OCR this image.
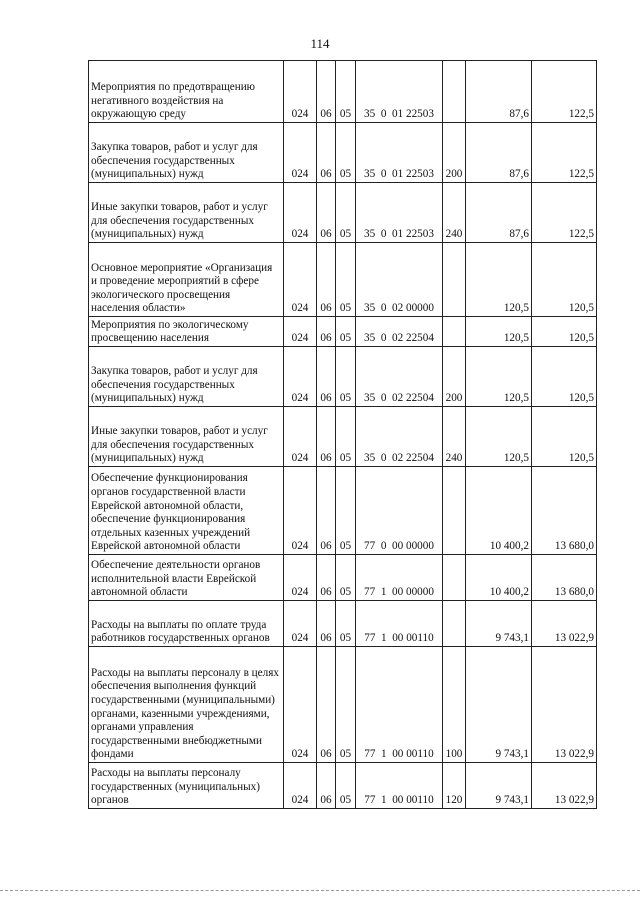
114
Мероприятия по предотвращению негативного воздействия на окружающую среду	024	06	05	35 0 01 22503		87,6	122,5
Закупка товаров, работ и услуг для обеспечения государственных (муниципальных) нужд	024	06	05	35 0 01 22503	200	87,6	122,5
Иные закупки товаров, работ и услуг для обеспечения государственных (муниципальных) нужд	024	06	05	35 0 01 22503	240	87,6	122,5
Основное мероприятие «Организация и проведение мероприятий в сфере экологического просвещения населения области»	024	06	05	35 0 02 00000		120,5	120,5
Мероприятия по экологическому просвещению населения	024	06	05	35 0 02 22504		120,5	120,5
Закупка товаров, работ и услуг для обеспечения государственных (муниципальных) нужд	024	06	05	35 0 02 22504	200	120,5	120,5
Иные закупки товаров, работ и услуг для обеспечения государственных (муниципальных) нужд	024	06	05	35 0 02 22504	240	120,5	120,5
Обеспечение функционирования органов государственной власти Еврейской автономной области, обеспечение функционирования отдельных казенных учреждений Еврейской автономной области	024	06	05	77 0 00 00000		10 400,2	13 680,0
Обеспечение деятельности органов исполнительной власти Еврейской автономной области	024	06	05	77 1 00 00000		10 400,2	13 680,0
Расходы на выплаты по оплате труда работников государственных органов	024	06	05	77 1 00 00110		9 743,1	13 022,9
Расходы на выплаты персоналу в целях обеспечения выполнения функций государственными (муниципальными) органами, казенными учреждениями, органами управления государственными внебюджетными фондами	024	06	05	77 1 00 00110	100	9 743,1	13 022,9
Расходы на выплаты персоналу государственных (муниципальных) органов	024	06	05	77 1 00 00110	120	9 743,1	13 022,9
